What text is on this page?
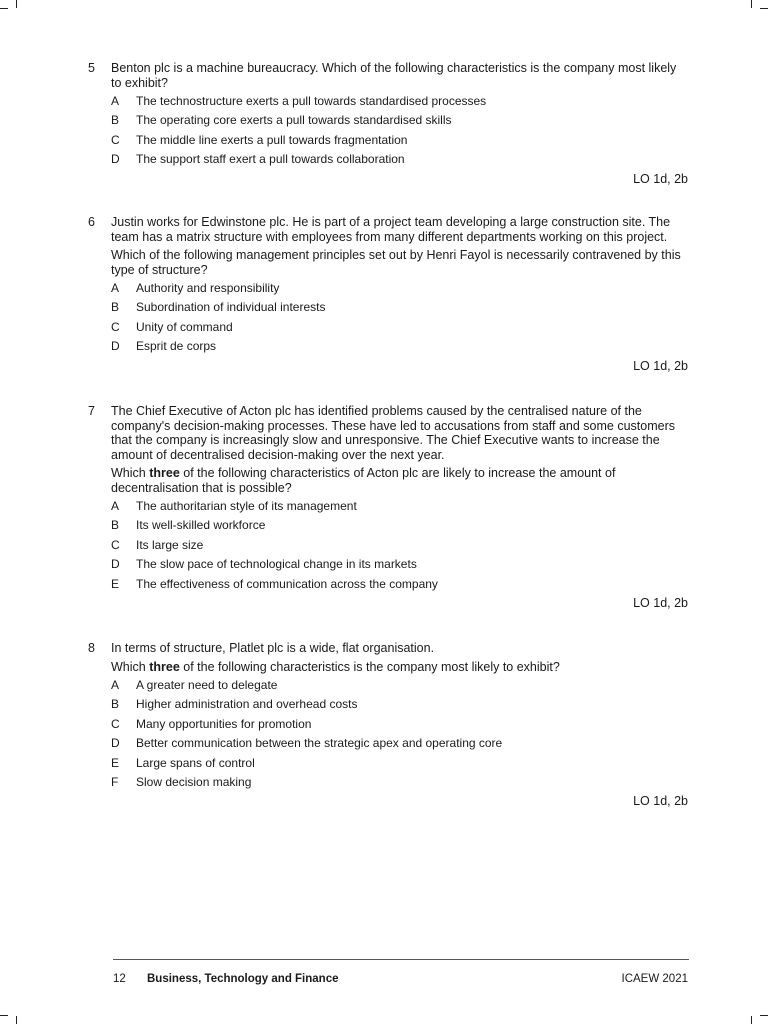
5	Benton plc is a machine bureaucracy. Which of the following characteristics is the company most likely to exhibit?

A	The technostructure exerts a pull towards standardised processes
B	The operating core exerts a pull towards standardised skills
C	The middle line exerts a pull towards fragmentation
D	The support staff exert a pull towards collaboration
LO 1d, 2b
6	Justin works for Edwinstone plc. He is part of a project team developing a large construction site. The team has a matrix structure with employees from many different departments working on this project.

Which of the following management principles set out by Henri Fayol is necessarily contravened by this type of structure?

A	Authority and responsibility
B	Subordination of individual interests
C	Unity of command
D	Esprit de corps
LO 1d, 2b
7	The Chief Executive of Acton plc has identified problems caused by the centralised nature of the company's decision-making processes. These have led to accusations from staff and some customers that the company is increasingly slow and unresponsive. The Chief Executive wants to increase the amount of decentralised decision-making over the next year.

Which three of the following characteristics of Acton plc are likely to increase the amount of decentralisation that is possible?

A	The authoritarian style of its management
B	Its well-skilled workforce
C	Its large size
D	The slow pace of technological change in its markets
E	The effectiveness of communication across the company
LO 1d, 2b
8	In terms of structure, Platlet plc is a wide, flat organisation.

Which three of the following characteristics is the company most likely to exhibit?

A	A greater need to delegate
B	Higher administration and overhead costs
C	Many opportunities for promotion
D	Better communication between the strategic apex and operating core
E	Large spans of control
F	Slow decision making
LO 1d, 2b
12 Business, Technology and Finance	ICAEW 2021
